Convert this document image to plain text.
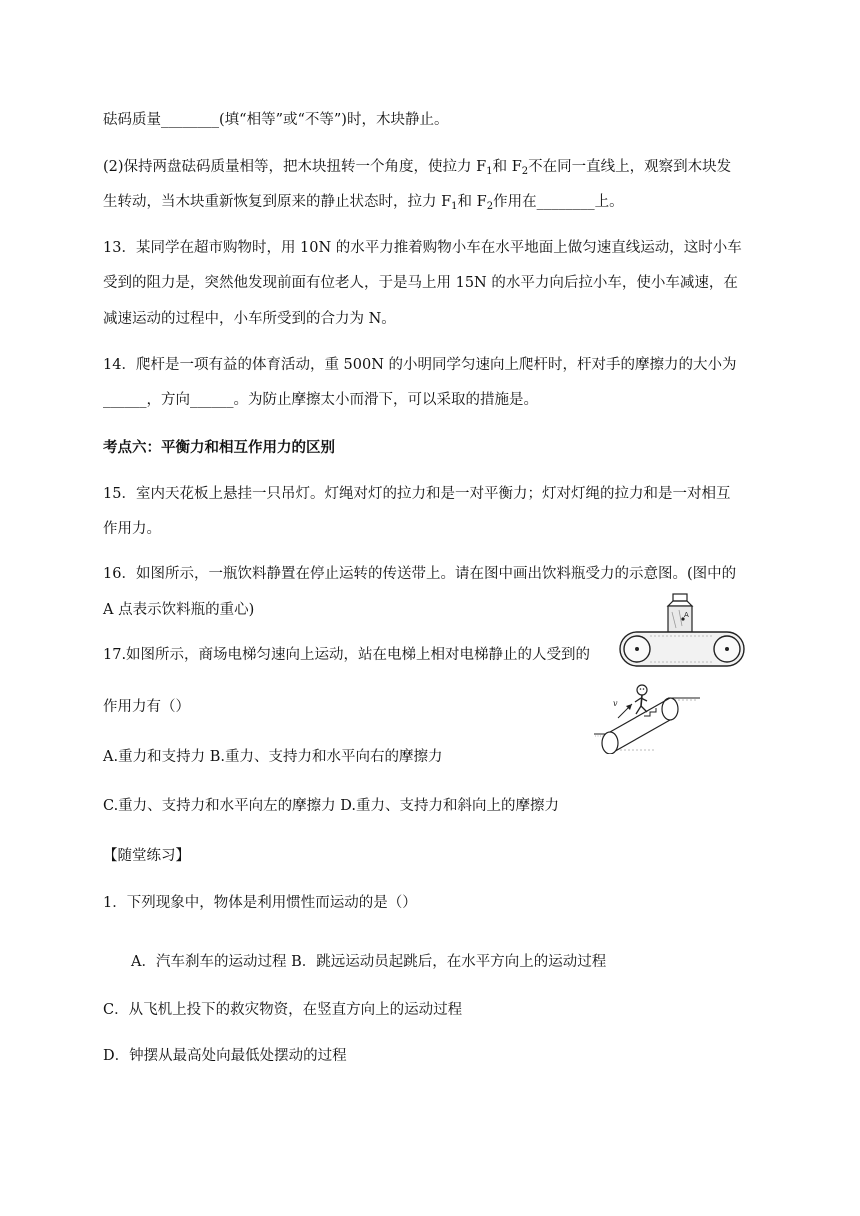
砝码质量________(填“相等”或“不等”)时，木块静止。
(2)保持两盘砝码质量相等，把木块扭转一个角度，使拉力 $F_1$和 $F_2$不在同一直线上，观察到木块发
生转动，当木块重新恢复到原来的静止状态时，拉力 $F_1$和 $F_2$作用在________上。
13．某同学在超市购物时，用 10N 的水平力推着购物小车在水平地面上做匀速直线运动，这时小车
受到的阻力是，突然他发现前面有位老人，于是马上用 15N 的水平力向后拉小车，使小车减速，在
减速运动的过程中，小车所受到的合力为 N。
14．爬杆是一项有益的体育活动，重 500N 的小明同学匀速向上爬杆时，杆对手的摩擦力的大小为
______，方向______。为防止摩擦太小而滑下，可以采取的措施是。
考点六：平衡力和相互作用力的区别
15．室内天花板上悬挂一只吊灯。灯绳对灯的拉力和是一对平衡力；灯对灯绳的拉力和是一对相互
作用力。
16．如图所示，一瓶饮料静置在停止运转的传送带上。请在图中画出饮料瓶受力的示意图。(图中的
A 点表示饮料瓶的重心)
17.如图所示，商场电梯匀速向上运动，站在电梯上相对电梯静止的人受到的
作用力有（）
A.重力和支持力 B.重力、支持力和水平向右的摩擦力
C.重力、支持力和水平向左的摩擦力 D.重力、支持力和斜向上的摩擦力
【随堂练习】
1．下列现象中，物体是利用惯性而运动的是（）
A．汽车刹车的运动过程 B．跳远运动员起跳后，在水平方向上的运动过程
C．从飞机上投下的救灾物资，在竖直方向上的运动过程
D．钟摆从最高处向最低处摆动的过程
A
v
